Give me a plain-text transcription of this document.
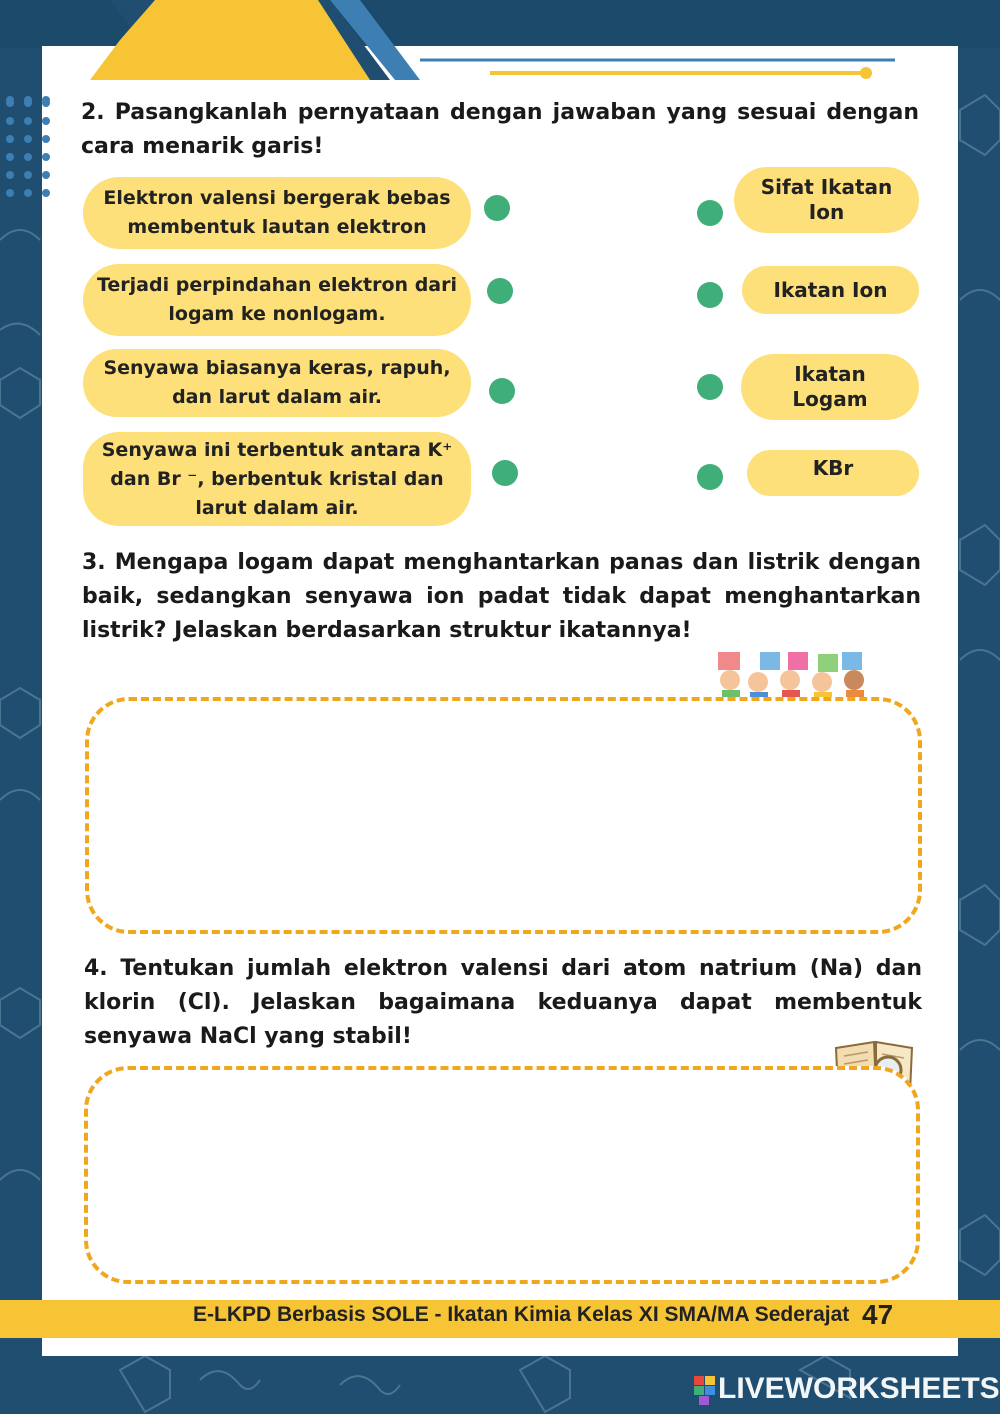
2. Pasangkanlah pernyataan dengan jawaban yang sesuai dengan cara menarik garis!
Elektron valensi bergerak bebas membentuk lautan elektron
Terjadi perpindahan elektron dari logam ke nonlogam.
Senyawa biasanya keras, rapuh, dan larut dalam air.
Senyawa ini terbentuk antara K⁺ dan Br ⁻, berbentuk kristal dan larut dalam air.
Sifat Ikatan Ion
Ikatan Ion
Ikatan Logam
KBr
3. Mengapa logam dapat menghantarkan panas dan listrik dengan baik, sedangkan senyawa ion padat tidak dapat menghantarkan listrik? Jelaskan berdasarkan struktur ikatannya!
4. Tentukan jumlah elektron valensi dari atom natrium (Na) dan klorin (Cl). Jelaskan bagaimana keduanya dapat membentuk senyawa NaCl yang stabil!
E-LKPD Berbasis SOLE - Ikatan Kimia Kelas XI SMA/MA Sederajat 47
LIVEWORKSHEETS
